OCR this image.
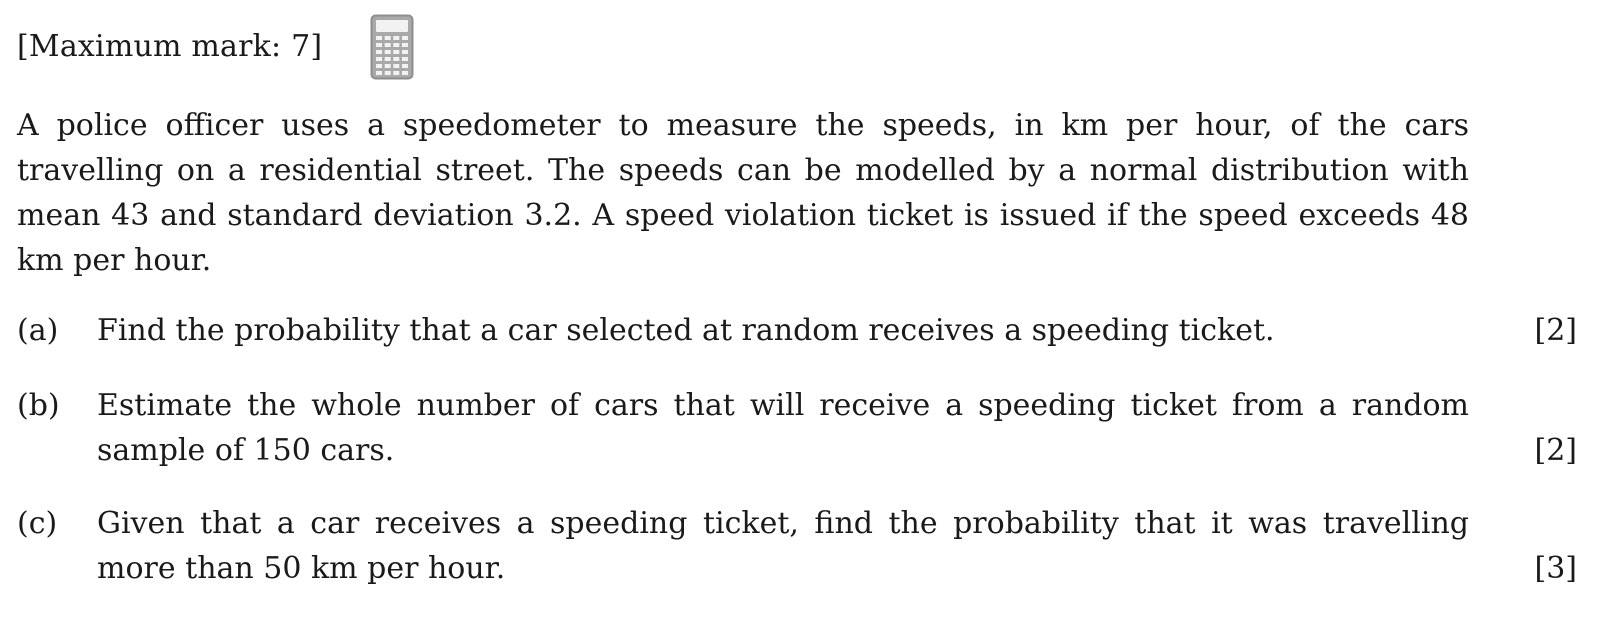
[Maximum mark: 7]
A police officer uses a speedometer to measure the speeds, in km per hour, of the cars travelling on a residential street. The speeds can be modelled by a normal distribution with mean 43 and standard deviation 3.2. A speed violation ticket is issued if the speed exceeds 48 km per hour.
(a)	Find the probability that a car selected at random receives a speeding ticket.	[2]
(b)	Estimate the whole number of cars that will receive a speeding ticket from a random sample of 150 cars.	[2]
(c)	Given that a car receives a speeding ticket, find the probability that it was travelling more than 50 km per hour.	[3]
